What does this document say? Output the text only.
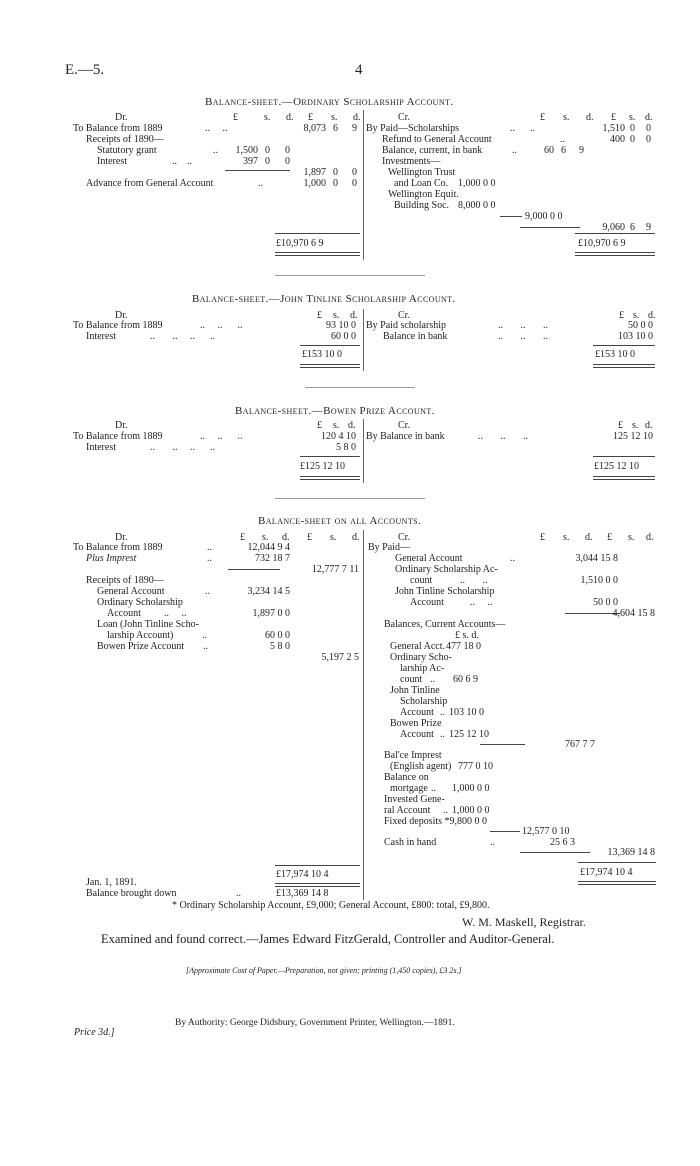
E.—5.	4
Balance-sheet.—Ordinary Scholarship Account.
Dr.	£	s. d. £ s. d.	Cr.	£ s. d. £ s. d.
To Balance from 1889	..     ..	8,073 6	9
Receipts of 1890—
Statutory grant	..	1,500 0	0
Interest	..    ..	397 0	0
1,897 0	0
Advance from General Account	..	1,000 0	0
£10,970 6 9
By Paid—Scholarships	..      ..	1,510 0	0
Refund to General Account	..	400 0	0
Balance, current, in bank	..	60 6	9
Investments—
Wellington Trust
and Loan Co. 1,000 0 0
Wellington Equit.
Building Soc. 8,000 0 0
9,000 0 0
9,060 6	9
£10,970 6 9
Balance-sheet.—John Tinline Scholarship Account.
Dr.	£ s. d.	Cr.	£ s. d.
To Balance from 1889	..     ..      ..	93 10 0
Interest	..       ..     ..      ..	60 0 0
£153 10 0
By Paid scholarship	..       ..       ..	50 0 0
Balance in bank	..       ..       ..	103 10 0
£153 10 0
Balance-sheet.—Bowen Prize Account.
Dr.	£ s. d.	Cr.	£ s. d.
To Balance from 1889	..     ..      ..	120 4 10
Interest	..       ..     ..      ..	5 8 0
£125 12 10
By Balance in bank	..       ..       ..	125 12 10
£125 12 10
Balance-sheet on all Accounts.
Dr.	£ s. d. £ s. d.	Cr.	£ s. d. £ s. d.
To Balance from 1889	..	12,044 9 4
Plus Imprest	..	732 18 7
12,777 7 11
Receipts of 1890—
General Account	..	3,234 14 5
Ordinary Scholarship
Account ..     ..	1,897 0 0
Loan (John Tinline Scho-
larship Account)	..	60 0 0
Bowen Prize Account ..	5 8 0
5,197 2 5
£17,974 10 4
Jan. 1, 1891.
Balance brought down	..	£13,369 14 8
By Paid—
General Account	..	3,044 15 8
Ordinary Scholarship Ac-
count	..       ..	1,510 0 0
John Tinline Scholarship
Account	..     ..	50 0 0
4,604 15 8
Balances, Current Accounts—
£ s. d.
General Acct. 477 18 0
Ordinary Scho-
larship Ac-
count .. 60 6 9
John Tinline
Scholarship
Account .. 103 10 0
Bowen Prize
Account .. 125 12 10
767 7 7
Bal'ce Imprest
(English agent) 777 0 10
Balance on
mortgage .. 1,000 0 0
Invested Gene-
ral Account .. 1,000 0 0
Fixed deposits *9,800 0 0
12,577 0 10
Cash in hand	..	25 6 3
13,369 14 8
£17,974 10 4
* Ordinary Scholarship Account, £9,000; General Account, £800: total, £9,800.
W. M. Maskell, Registrar.
Examined and found correct.—James Edward FitzGerald, Controller and Auditor-General.
[Approximate Cost of Paper.—Preparation, not given; printing (1,450 copies), £3 2s.]
By Authority: George Didsbury, Government Printer, Wellington.—1891.
Price 3d.]
